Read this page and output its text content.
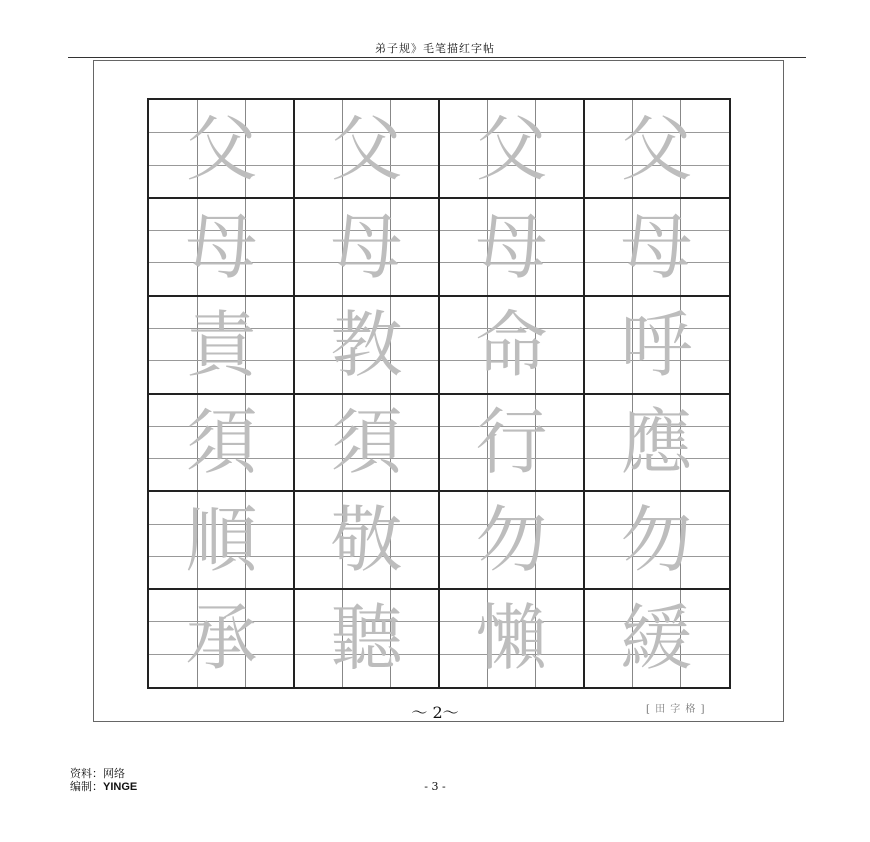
弟子规》毛笔描红字帖
父	父	父	父
母	母	母	母
責	教	命	呼
須	須	行	應
順	敬	勿	勿
承	聽	懶	緩
～ 2～	[ 田 字 格 ]
资料：网络
编制：YINGE	- 3 -
